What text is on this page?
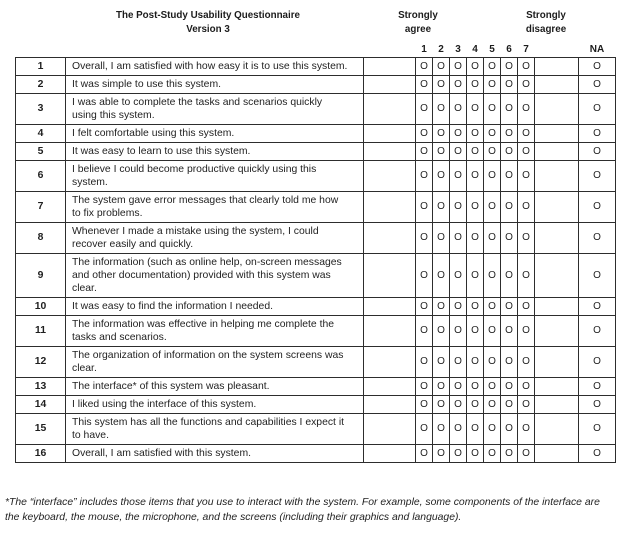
The Post-Study Usability Questionnaire
Version 3
Strongly
agree
Strongly
disagree
			1	2	3	4	5	6	7		NA
1	Overall, I am satisfied with how easy it is to use this system.		O	O	O	O	O	O	O		O
2	It was simple to use this system.		O	O	O	O	O	O	O		O
3	I was able to complete the tasks and scenarios quickly using this system.		O	O	O	O	O	O	O		O
4	I felt comfortable using this system.		O	O	O	O	O	O	O		O
5	It was easy to learn to use this system.		O	O	O	O	O	O	O		O
6	I believe I could become productive quickly using this system.		O	O	O	O	O	O	O		O
7	The system gave error messages that clearly told me how to fix problems.		O	O	O	O	O	O	O		O
8	Whenever I made a mistake using the system, I could recover easily and quickly.		O	O	O	O	O	O	O		O
9	The information (such as online help, on-screen messages and other documentation) provided with this system was clear.		O	O	O	O	O	O	O		O
10	It was easy to find the information I needed.		O	O	O	O	O	O	O		O
11	The information was effective in helping me complete the tasks and scenarios.		O	O	O	O	O	O	O		O
12	The organization of information on the system screens was clear.		O	O	O	O	O	O	O		O
13	The interface* of this system was pleasant.		O	O	O	O	O	O	O		O
14	I liked using the interface of this system.		O	O	O	O	O	O	O		O
15	This system has all the functions and capabilities I expect it to have.		O	O	O	O	O	O	O		O
16	Overall, I am satisfied with this system.		O	O	O	O	O	O	O		O
*The “interface” includes those items that you use to interact with the system. For example, some components of the interface are the keyboard, the mouse, the microphone, and the screens (including their graphics and language).
